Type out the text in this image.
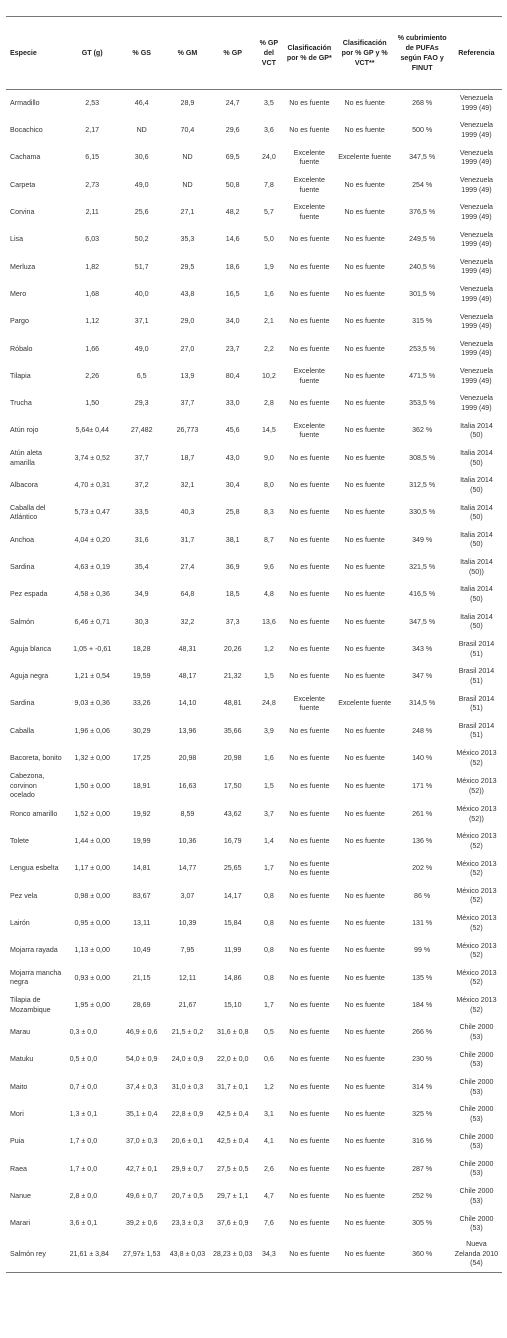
Especie	GT (g)	% GS	% GM	% GP	% GP del VCT	Clasificación por % de GP*	Clasificación por % GP y % VCT**	% cubrimiento de PUFAs según FAO y FINUT	Referencia
Armadillo	2,53	46,4	28,9	24,7	3,5	No es fuente	No es fuente	268 %	Venezuela 1999 (49)
Bocachico	2,17	ND	70,4	29,6	3,6	No es fuente	No es fuente	500 %	Venezuela 1999 (49)
Cachama	6,15	30,6	ND	69,5	24,0	Excelente fuente	Excelente fuente	347,5 %	Venezuela 1999 (49)
Carpeta	2,73	49,0	ND	50,8	7,8	Excelente fuente	No es fuente	254 %	Venezuela 1999 (49)
Corvina	2,11	25,6	27,1	48,2	5,7	Excelente fuente	No es fuente	376,5 %	Venezuela 1999 (49)
Lisa	6,03	50,2	35,3	14,6	5,0	No es fuente	No es fuente	249,5 %	Venezuela 1999 (49)
Merluza	1,82	51,7	29,5	18,6	1,9	No es fuente	No es fuente	240,5 %	Venezuela 1999 (49)
Mero	1,68	40,0	43,8	16,5	1,6	No es fuente	No es fuente	301,5 %	Venezuela 1999 (49)
Pargo	1,12	37,1	29,0	34,0	2,1	No es fuente	No es fuente	315 %	Venezuela 1999 (49)
Róbalo	1,66	49,0	27,0	23,7	2,2	No es fuente	No es fuente	253,5 %	Venezuela 1999 (49)
Tilapia	2,26	6,5	13,9	80,4	10,2	Excelente fuente	No es fuente	471,5 %	Venezuela 1999 (49)
Trucha	1,50	29,3	37,7	33,0	2,8	No es fuente	No es fuente	353,5 %	Venezuela 1999 (49)
Atún rojo	5,64± 0,44	27,482	26,773	45,6	14,5	Excelente fuente	No es fuente	362 %	Italia 2014 (50)
Atún aleta amarilla	3,74 ± 0,52	37,7	18,7	43,0	9,0	No es fuente	No es fuente	308,5 %	Italia 2014 (50)
Albacora	4,70 ± 0,31	37,2	32,1	30,4	8,0	No es fuente	No es fuente	312,5 %	Italia 2014 (50)
Caballa del Atlántico	5,73 ± 0,47	33,5	40,3	25,8	8,3	No es fuente	No es fuente	330,5 %	Italia 2014 (50)
Anchoa	4,04 ± 0,20	31,6	31,7	38,1	8,7	No es fuente	No es fuente	349 %	Italia 2014 (50)
Sardina	4,63 ± 0,19	35,4	27,4	36,9	9,6	No es fuente	No es fuente	321,5 %	Italia 2014 (50))
Pez espada	4,58 ± 0,36	34,9	64,8	18,5	4,8	No es fuente	No es fuente	416,5 %	Italia 2014 (50)
Salmón	6,46 ± 0,71	30,3	32,2	37,3	13,6	No es fuente	No es fuente	347,5 %	Italia 2014 (50)
Aguja blanca	1,05 + -0,61	18,28	48,31	20,26	1,2	No es fuente	No es fuente	343 %	Brasil 2014 (51)
Aguja negra	1,21 ± 0,54	19,59	48,17	21,32	1,5	No es fuente	No es fuente	347 %	Brasil 2014 (51)
Sardina	9,03 ± 0,36	33,26	14,10	48,81	24,8	Excelente fuente	Excelente fuente	314,5 %	Brasil 2014 (51)
Caballa	1,96 ± 0,06	30,29	13,96	35,66	3,9	No es fuente	No es fuente	248 %	Brasil 2014 (51)
Bacoreta, bonito	1,32 ± 0,00	17,25	20,98	20,98	1,6	No es fuente	No es fuente	140 %	México 2013 (52)
Cabezona, corvinon ocelado	1,50 ± 0,00	18,91	16,63	17,50	1,5	No es fuente	No es fuente	171 %	México 2013 (52))
Ronco amarillo	1,52 ± 0,00	19,92	8,59	43,62	3,7	No es fuente	No es fuente	261 %	México 2013 (52))
Tolete	1,44 ± 0,00	19,99	10,36	16,79	1,4	No es fuente	No es fuente	136 %	México 2013 (52)
Lengua esbelta	1,17 ± 0,00	14,81	14,77	25,65	1,7	No es fuente No es fuente		202 %	México 2013 (52)
Pez vela	0,98 ± 0,00	83,67	3,07	14,17	0,8	No es fuente	No es fuente	86 %	México 2013 (52)
Lairón	0,95 ± 0,00	13,11	10,39	15,84	0,8	No es fuente	No es fuente	131 %	México 2013 (52)
Mojarra rayada	1,13 ± 0,00	10,49	7,95	11,99	0,8	No es fuente	No es fuente	99 %	México 2013 (52)
Mojarra mancha negra	0,93 ± 0,00	21,15	12,11	14,86	0,8	No es fuente	No es fuente	135 %	México 2013 (52)
Tilapia de Mozambique	1,95 ± 0,00	28,69	21,67	15,10	1,7	No es fuente	No es fuente	184 %	México 2013 (52)
Marau	0,3 ± 0,0	46,9 ± 0,6	21,5 ± 0,2	31,6 ± 0,8	0,5	No es fuente	No es fuente	266 %	Chile 2000 (53)
Matuku	0,5 ± 0,0	54,0 ± 0,9	24,0 ± 0,9	22,0 ± 0,0	0,6	No es fuente	No es fuente	230 %	Chile 2000 (53)
Maito	0,7 ± 0,0	37,4 ± 0,3	31,0 ± 0,3	31,7 ± 0,1	1,2	No es fuente	No es fuente	314 %	Chile 2000 (53)
Mori	1,3 ± 0,1	35,1 ± 0,4	22,8 ± 0,9	42,5 ± 0,4	3,1	No es fuente	No es fuente	325 %	Chile 2000 (53)
Puia	1,7 ± 0,0	37,0 ± 0,3	20,6 ± 0,1	42,5 ± 0,4	4,1	No es fuente	No es fuente	316 %	Chile 2000 (53)
Raea	1,7 ± 0,0	42,7 ± 0,1	29,9 ± 0,7	27,5 ± 0,5	2,6	No es fuente	No es fuente	287 %	Chile 2000 (53)
Nanue	2,8 ± 0,0	49,6 ± 0,7	20,7 ± 0,5	29,7 ± 1,1	4,7	No es fuente	No es fuente	252 %	Chile 2000 (53)
Marari	3,6 ± 0,1	39,2 ± 0,6	23,3 ± 0,3	37,6 ± 0,9	7,6	No es fuente	No es fuente	305 %	Chile 2000 (53)
Salmón rey	21,61 ± 3,84	27,97± 1,53	43,8 ± 0,03	28,23 ± 0,03	34,3	No es fuente	No es fuente	360 %	Nueva Zelanda 2010 (54)
